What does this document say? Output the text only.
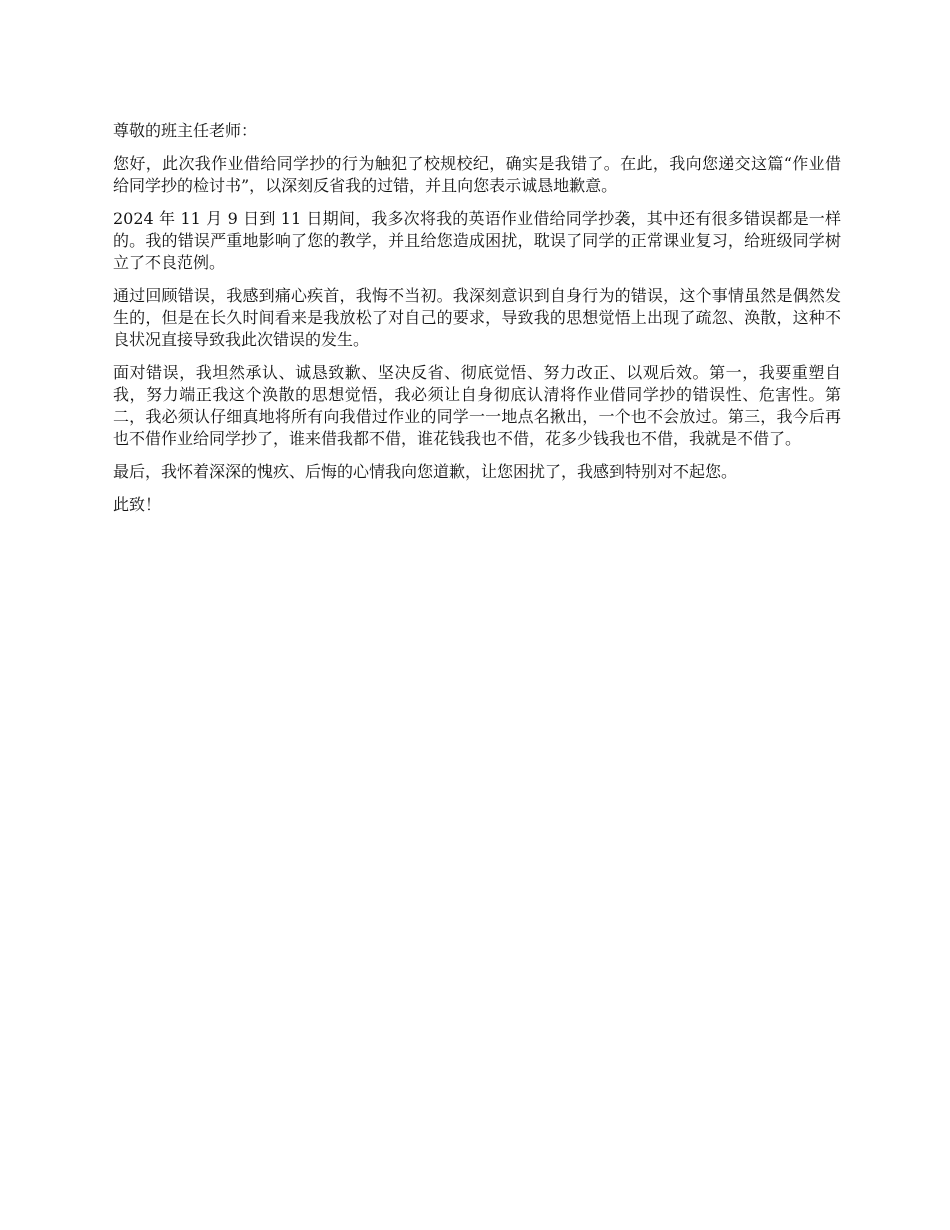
尊敬的班主任老师：

您好，此次我作业借给同学抄的行为触犯了校规校纪，确实是我错了。在此，我向您递交这篇“作业借给同学抄的检讨书”，以深刻反省我的过错，并且向您表示诚恳地歉意。

2024 年 11 月 9 日到 11 日期间，我多次将我的英语作业借给同学抄袭，其中还有很多错误都是一样的。我的错误严重地影响了您的教学，并且给您造成困扰，耽误了同学的正常课业复习，给班级同学树立了不良范例。

通过回顾错误，我感到痛心疾首，我悔不当初。我深刻意识到自身行为的错误，这个事情虽然是偶然发生的，但是在长久时间看来是我放松了对自己的要求，导致我的思想觉悟上出现了疏忽、涣散，这种不良状况直接导致我此次错误的发生。

面对错误，我坦然承认、诚恳致歉、坚决反省、彻底觉悟、努力改正、以观后效。第一，我要重塑自我，努力端正我这个涣散的思想觉悟，我必须让自身彻底认清将作业借同学抄的错误性、危害性。第二，我必须认仔细真地将所有向我借过作业的同学一一地点名揪出，一个也不会放过。第三，我今后再也不借作业给同学抄了，谁来借我都不借，谁花钱我也不借，花多少钱我也不借，我就是不借了。

最后，我怀着深深的愧疚、后悔的心情我向您道歉，让您困扰了，我感到特别对不起您。

此致！
